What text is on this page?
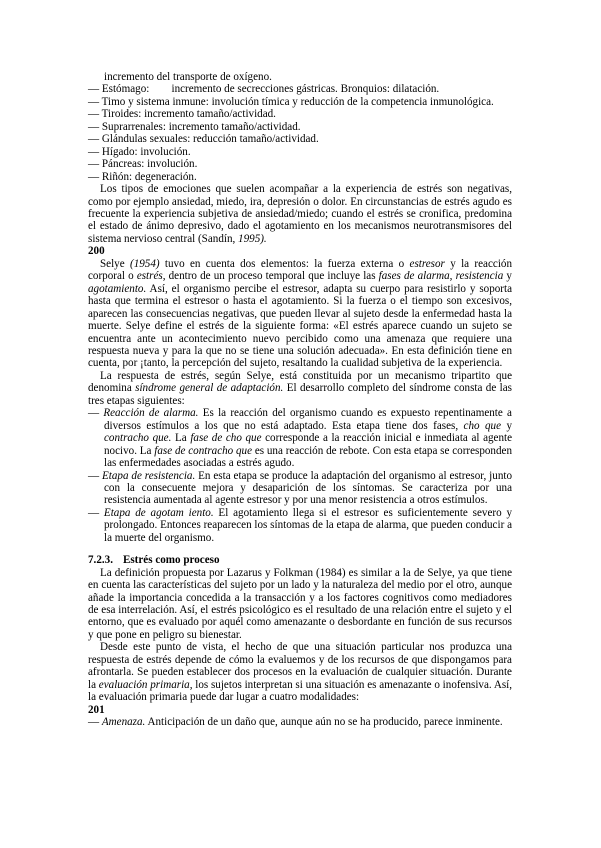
incremento del transporte de oxígeno.

— Estómago:        incremento de secrecciones gástricas. Bronquios: dilatación.

— Timo y sistema inmune: involución tímica y reducción de la competencia inmunológica.

— Tiroides: incremento tamaño/actividad.

— Suprarrenales: incremento tamaño/actividad.

— Glándulas sexuales: reducción tamaño/actividad.

— Hígado: involución.

— Páncreas: involución.

— Riñón: degeneración.

Los tipos de emociones que suelen acompañar a la experiencia de estrés son negativas, como por ejemplo ansiedad, miedo, ira, depresión o dolor. En circunstancias de estrés agudo es frecuente la experiencia subjetiva de ansiedad/miedo; cuando el estrés se cronifica, predomina el estado de ánimo depresivo, dado el agotamiento en los mecanismos neurotransmisores del sistema nervioso central (Sandín, 1995).

200

Selye (1954) tuvo en cuenta dos elementos: la fuerza externa o estresor y la reacción corporal o estrés, dentro de un proceso temporal que incluye las fases de alarma, resistencia y agotamiento. Así, el organismo percibe el estresor, adapta su cuerpo para resistirlo y soporta hasta que termina el estresor o hasta el agotamiento. Si la fuerza o el tiempo son excesivos, aparecen las consecuencias negativas, que pueden llevar al sujeto desde la enfermedad hasta la muerte. Selye define el estrés de la siguiente forma: «El estrés aparece cuando un sujeto se encuentra ante un acontecimiento nuevo percibido como una amenaza que requiere una respuesta nueva y para la que no se tiene una solución adecuada». En esta definición tiene en cuenta, por ¡tanto, la percepción del sujeto, resaltando la cualidad subjetiva de la experiencia.

La respuesta de estrés, según Selye, está constituida por un mecanismo tripartito que denomina síndrome general de adaptación. El desarrollo completo del síndrome consta de las tres etapas siguientes:

— Reacción de alarma. Es la reacción del organismo cuando es expuesto repentinamente a diversos estímulos a los que no está adaptado. Esta etapa tiene dos fases, cho que y contracho que. La fase de cho que corresponde a la reacción inicial e inmediata al agente nocivo. La fase de contracho que es una reacción de rebote. Con esta etapa se corresponden las enfermedades asociadas a estrés agudo.

— Etapa de resistencia. En esta etapa se produce la adaptación del organismo al estresor, junto con la consecuente mejora y desaparición de los síntomas. Se caracteriza por una resistencia aumentada al agente estresor y por una menor resistencia a otros estímulos.

— Etapa de agotam iento. El agotamiento llega si el estresor es suficientemente severo y prolongado. Entonces reaparecen los síntomas de la etapa de alarma, que pueden conducir a la muerte del organismo.

7.2.3. Estrés como proceso

La definición propuesta por Lazarus y Folkman (1984) es similar a la de Selye, ya que tiene en cuenta las características del sujeto por un lado y la naturaleza del medio por el otro, aunque añade la importancia concedida a la transacción y a los factores cognitivos como mediadores de esa interrelación. Así, el estrés psicológico es el resultado de una relación entre el sujeto y el entorno, que es evaluado por aquél como amenazante o desbordante en función de sus recursos y que pone en peligro su bienestar.

Desde este punto de vista, el hecho de que una situación particular nos produzca una respuesta de estrés depende de cómo la evaluemos y de los recursos de que dispongamos para afrontarla. Se pueden establecer dos procesos en la evaluación de cualquier situación. Durante la evaluación primaria, los sujetos interpretan si una situación es amenazante o inofensiva. Así, la evaluación primaria puede dar lugar a cuatro modalidades:

201

— Amenaza. Anticipación de un daño que, aunque aún no se ha producido, parece inminente.
